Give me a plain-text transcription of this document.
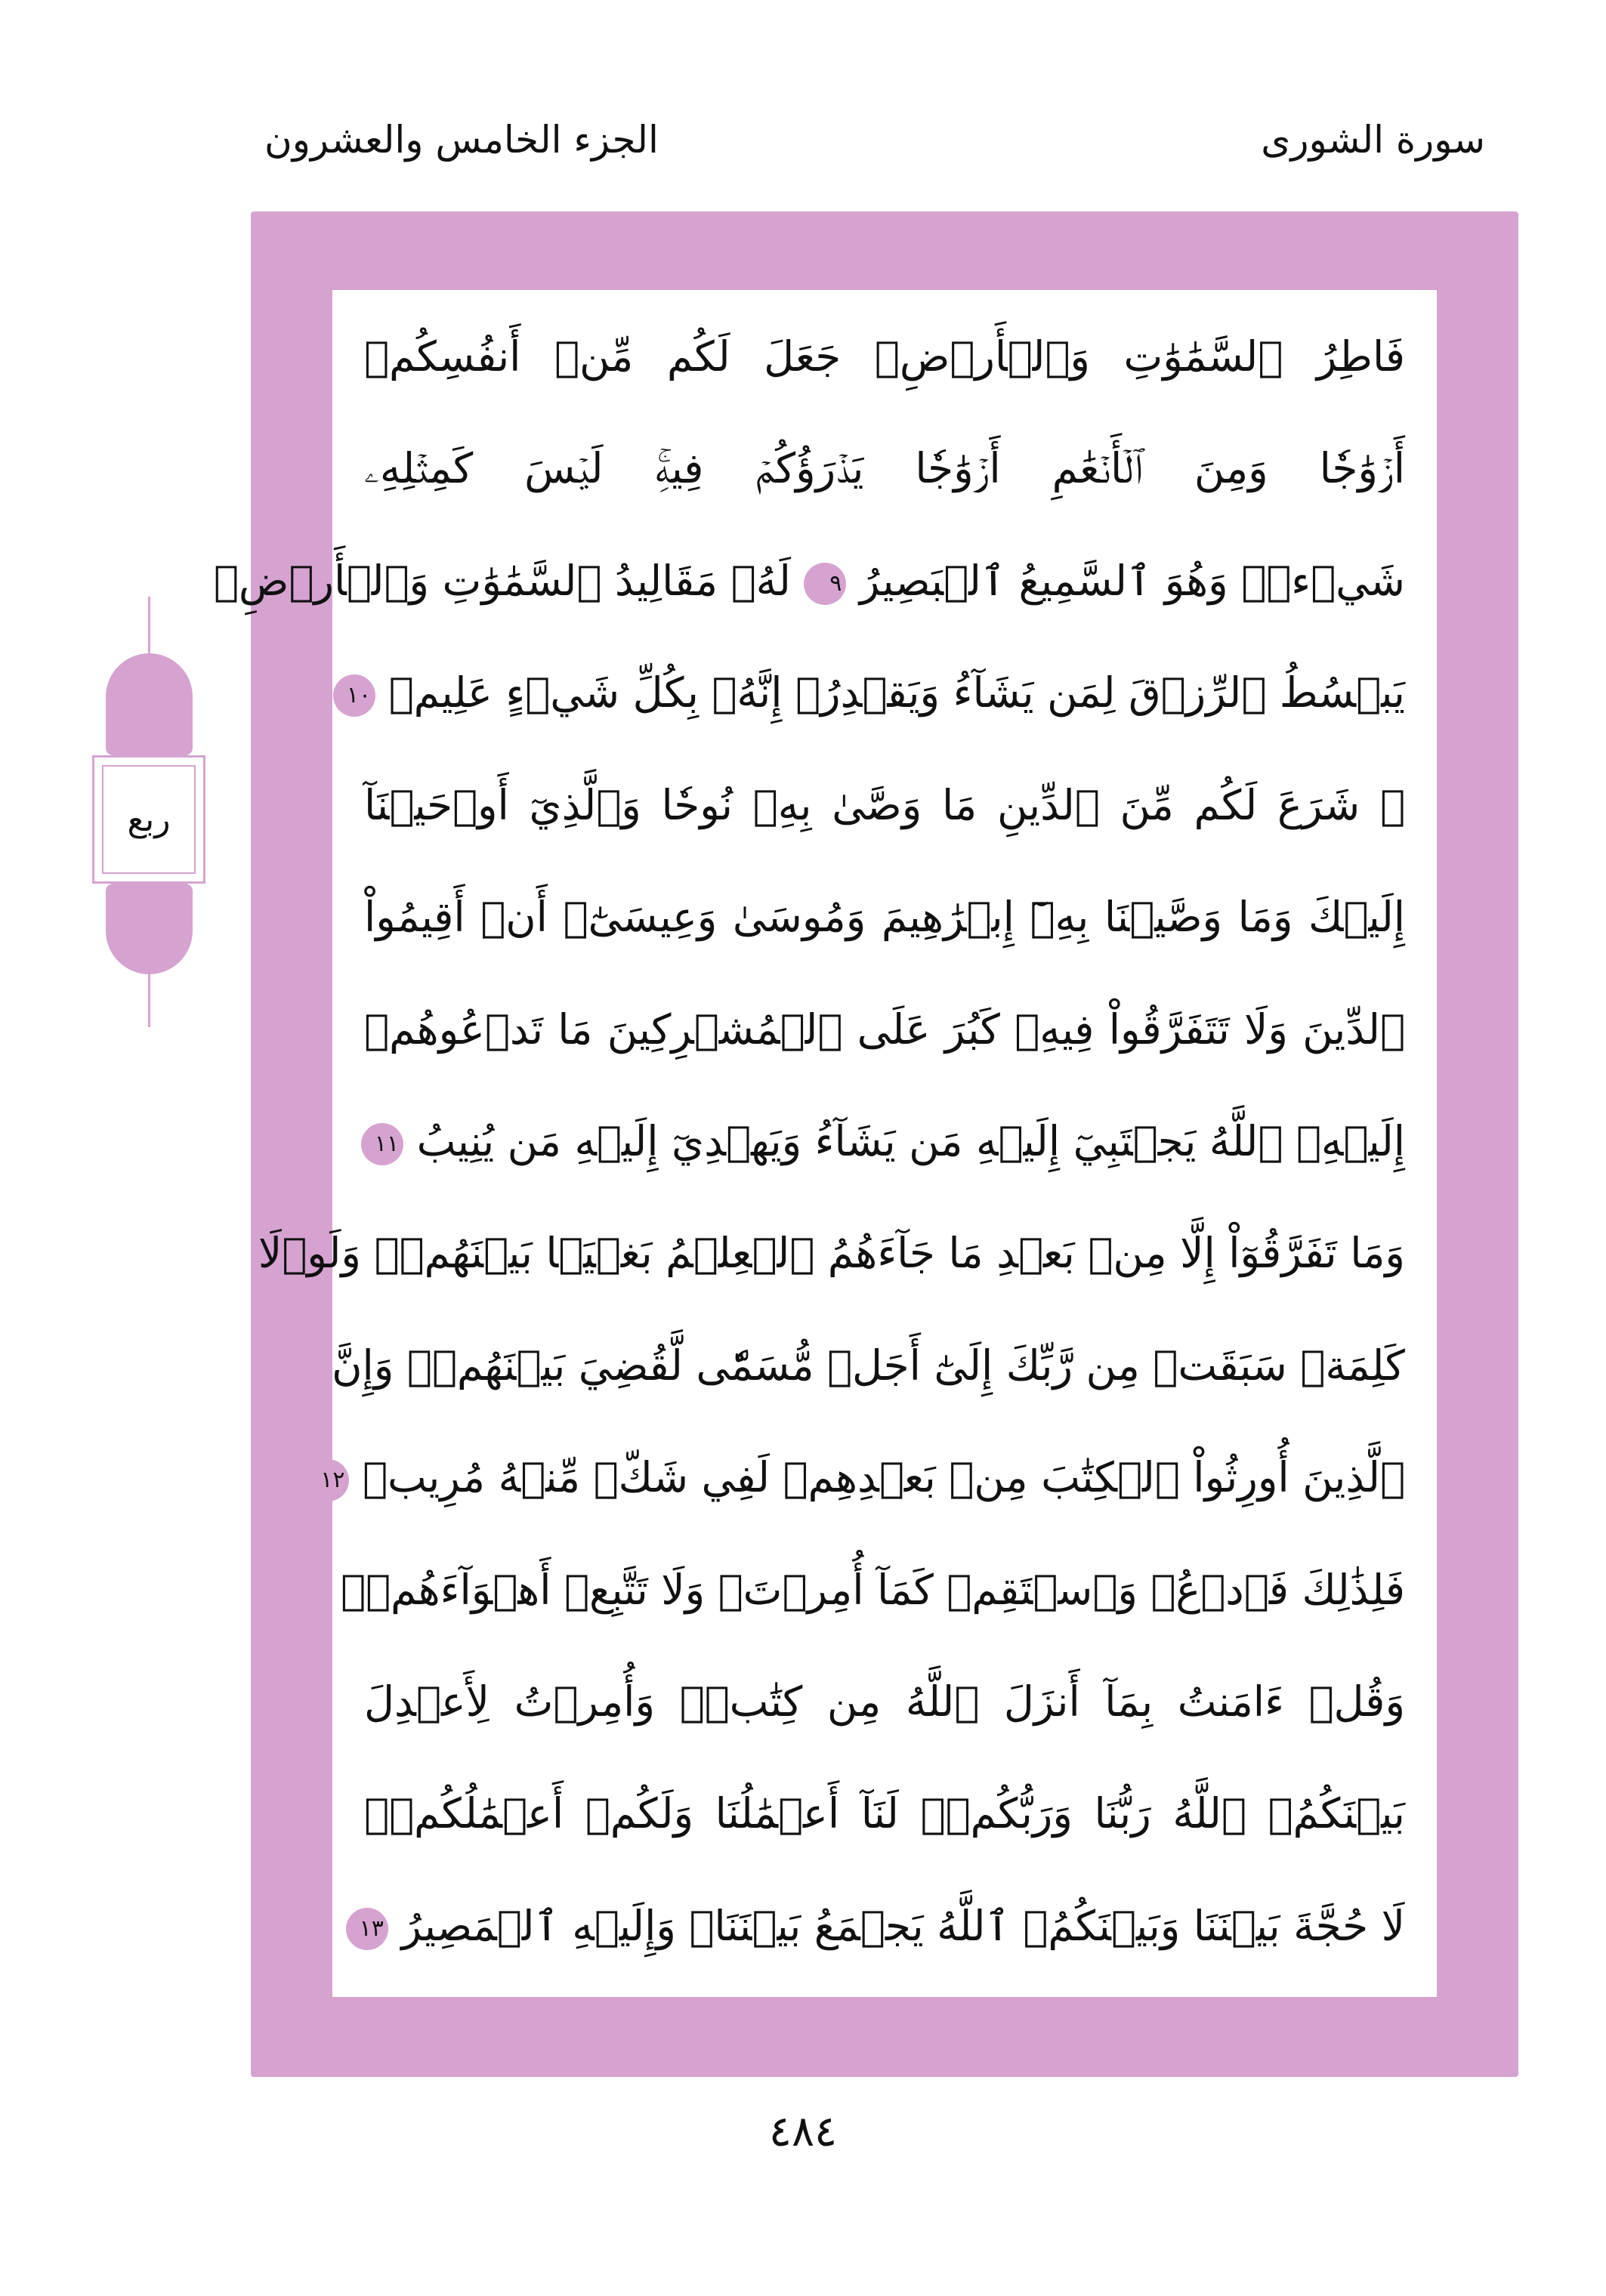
سورة الشورى
الجزء الخامس والعشرون
ربع
فَاطِرُ ٱلسَّمَٰوَٰتِ وَٱلۡأَرۡضِۚ جَعَلَ لَكُم مِّنۡ أَنفُسِكُمۡ
أَزۡوَٰجٗا وَمِنَ ٱلۡأَنۡعَٰمِ أَزۡوَٰجٗا يَذۡرَؤُكُمۡ فِيهِۚ لَيۡسَ كَمِثۡلِهِۦ
شَيۡءٞۖ وَهُوَ ٱلسَّمِيعُ ٱلۡبَصِيرُ ٩ لَهُۥ مَقَالِيدُ ٱلسَّمَٰوَٰتِ وَٱلۡأَرۡضِۖ
يَبۡسُطُ ٱلرِّزۡقَ لِمَن يَشَآءُ وَيَقۡدِرُۚ إِنَّهُۥ بِكُلِّ شَيۡءٍ عَلِيمٞ ١٠
۞ شَرَعَ لَكُم مِّنَ ٱلدِّينِ مَا وَصَّىٰ بِهِۦ نُوحٗا وَٱلَّذِيٓ أَوۡحَيۡنَآ
إِلَيۡكَ وَمَا وَصَّيۡنَا بِهِۦٓ إِبۡرَٰهِيمَ وَمُوسَىٰ وَعِيسَىٰٓۖ أَنۡ أَقِيمُواْ
ٱلدِّينَ وَلَا تَتَفَرَّقُواْ فِيهِۚ كَبُرَ عَلَى ٱلۡمُشۡرِكِينَ مَا تَدۡعُوهُمۡ
إِلَيۡهِۚ ٱللَّهُ يَجۡتَبِيٓ إِلَيۡهِ مَن يَشَآءُ وَيَهۡدِيٓ إِلَيۡهِ مَن يُنِيبُ ١١
وَمَا تَفَرَّقُوٓاْ إِلَّا مِنۢ بَعۡدِ مَا جَآءَهُمُ ٱلۡعِلۡمُ بَغۡيَۢا بَيۡنَهُمۡۚ وَلَوۡلَا
كَلِمَةٞ سَبَقَتۡ مِن رَّبِّكَ إِلَىٰٓ أَجَلٖ مُّسَمّٗى لَّقُضِيَ بَيۡنَهُمۡۚ وَإِنَّ
ٱلَّذِينَ أُورِثُواْ ٱلۡكِتَٰبَ مِنۢ بَعۡدِهِمۡ لَفِي شَكّٖ مِّنۡهُ مُرِيبٖ ١٢
فَلِذَٰلِكَ فَٱدۡعُۖ وَٱسۡتَقِمۡ كَمَآ أُمِرۡتَۖ وَلَا تَتَّبِعۡ أَهۡوَآءَهُمۡۖ
وَقُلۡ ءَامَنتُ بِمَآ أَنزَلَ ٱللَّهُ مِن كِتَٰبٖۖ وَأُمِرۡتُ لِأَعۡدِلَ
بَيۡنَكُمُۖ ٱللَّهُ رَبُّنَا وَرَبُّكُمۡۖ لَنَآ أَعۡمَٰلُنَا وَلَكُمۡ أَعۡمَٰلُكُمۡۖ
لَا حُجَّةَ بَيۡنَنَا وَبَيۡنَكُمُۖ ٱللَّهُ يَجۡمَعُ بَيۡنَنَاۖ وَإِلَيۡهِ ٱلۡمَصِيرُ ١٣
٤٨٤
